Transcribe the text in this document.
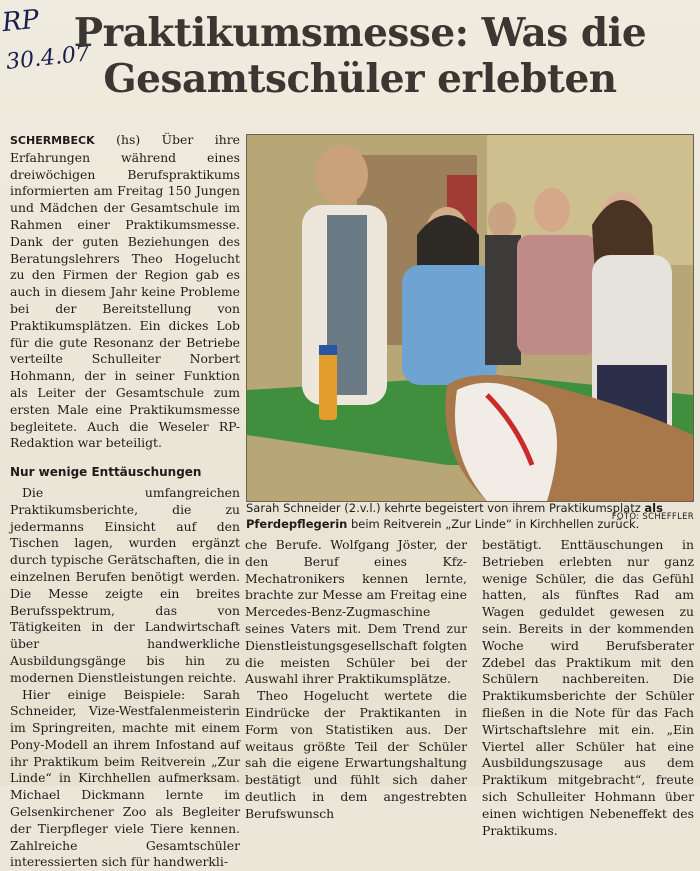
RP
30.4.07
Praktikumsmesse: Was die Gesamtschüler erlebten

SCHERMBECK (hs) Über ihre Erfahrungen während eines dreiwöchigen Berufspraktikums informierten am Freitag 150 Jungen und Mädchen der Gesamtschule im Rahmen einer Praktikumsmesse. Dank der guten Beziehungen des Beratungslehrers Theo Hogelucht zu den Firmen der Region gab es auch in diesem Jahr keine Probleme bei der Bereitstellung von Praktikumsplätzen. Ein dickes Lob für die gute Resonanz der Betriebe verteilte Schulleiter Norbert Hohmann, der in seiner Funktion als Leiter der Gesamtschule zum ersten Male eine Praktikumsmesse begleitete. Auch die Weseler RP-Redaktion war beteiligt.

Nur wenige Enttäuschungen

Die umfangreichen Praktikumsberichte, die zu jedermanns Einsicht auf den Tischen lagen, wurden ergänzt durch typische Gerätschaften, die in einzelnen Berufen benötigt werden. Die Messe zeigte ein breites Berufsspektrum, das von Tätigkeiten in der Landwirtschaft über handwerkliche Ausbildungsgänge bis hin zu modernen Dienstleistungen reichte.

Hier einige Beispiele: Sarah Schneider, Vize-Westfalenmeisterin im Springreiten, machte mit einem Pony-Modell an ihrem Infostand auf ihr Praktikum beim Reitverein „Zur Linde“ in Kirchhellen aufmerksam. Michael Dickmann lernte im Gelsenkirchener Zoo als Begleiter der Tierpfleger viele Tiere kennen. Zahlreiche Gesamtschüler interessierten sich für handwerkli-

Sarah Schneider (2.v.l.) kehrte begeistert von ihrem Praktikumsplatz als Pferdepflegerin beim Reitverein „Zur Linde“ in Kirchhellen zurück.
FOTO: SCHEFFLER

che Berufe. Wolfgang Jöster, der den Beruf eines Kfz-Mechatronikers kennen lernte, brachte zur Messe am Freitag eine Mercedes-Benz-Zugmaschine seines Vaters mit. Dem Trend zur Dienstleistungsgesellschaft folgten die meisten Schüler bei der Auswahl ihrer Praktikumsplätze.

Theo Hogelucht wertete die Eindrücke der Praktikanten in Form von Statistiken aus. Der weitaus größte Teil der Schüler sah die eigene Erwartungshaltung bestätigt und fühlt sich daher deutlich in dem angestrebten Berufswunsch

bestätigt. Enttäuschungen in Betrieben erlebten nur ganz wenige Schüler, die das Gefühl hatten, als fünftes Rad am Wagen geduldet gewesen zu sein. Bereits in der kommenden Woche wird Berufsberater Zdebel das Praktikum mit den Schülern nachbereiten. Die Praktikumsberichte der Schüler fließen in die Note für das Fach Wirtschaftslehre mit ein. „Ein Viertel aller Schüler hat eine Ausbildungszusage aus dem Praktikum mitgebracht“, freute sich Schulleiter Hohmann über einen wichtigen Nebeneffekt des Praktikums.
